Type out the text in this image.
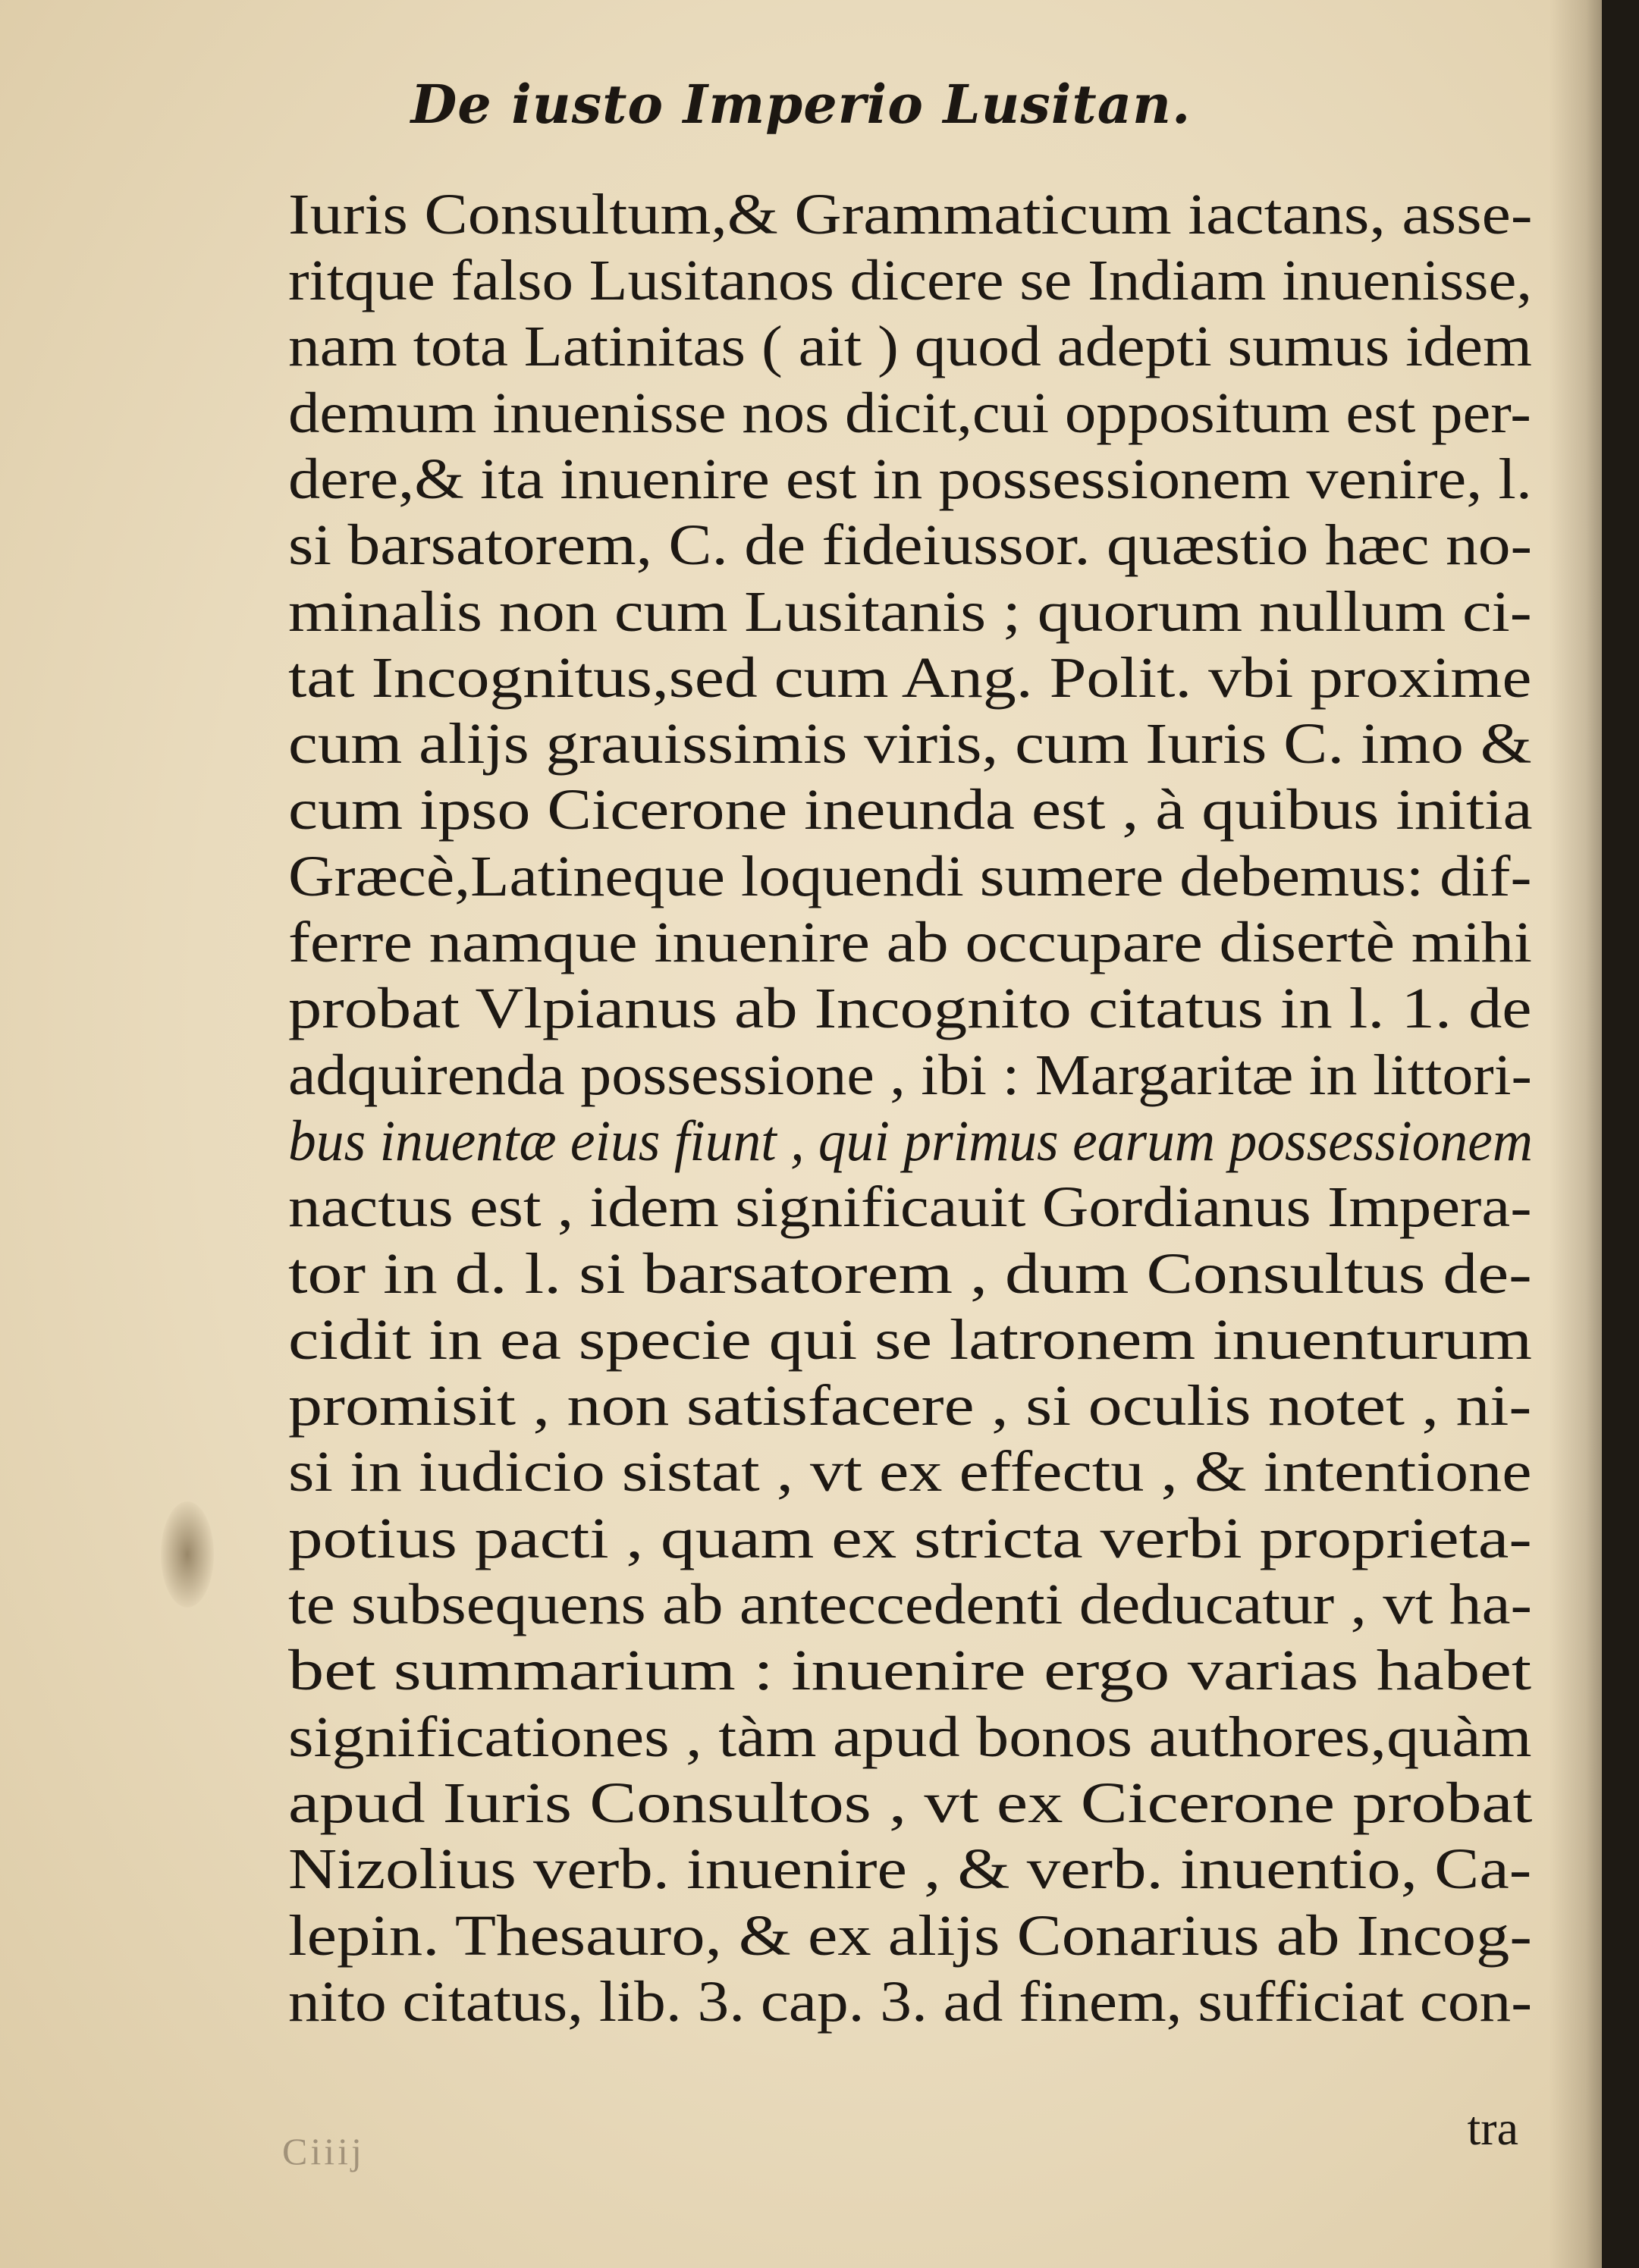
De iusto Imperio Lusitan.
Iuris Consultum,& Grammaticum iactans, asse-
ritque falso Lusitanos dicere se Indiam inuenisse,
nam tota Latinitas ( ait ) quod adepti sumus idem
demum inuenisse nos dicit,cui oppositum est per-
dere,& ita inuenire est in possessionem venire, l.
si barsatorem, C. de fideiussor. quæstio hæc no-
minalis non cum Lusitanis ; quorum nullum ci-
tat Incognitus,sed cum Ang. Polit. vbi proxime
cum alijs grauissimis viris, cum Iuris C. imo &
cum ipso Cicerone ineunda est , à quibus initia
Græcè,Latineque loquendi sumere debemus: dif-
ferre namque inuenire ab occupare disertè mihi
probat Vlpianus ab Incognito citatus in l. 1. de
adquirenda possessione , ibi : Margaritæ in littori-
bus inuentæ eius fiunt , qui primus earum possessionem
nactus est , idem significauit Gordianus Impera-
tor in d. l. si barsatorem , dum Consultus de-
cidit in ea specie qui se latronem inuenturum
promisit , non satisfacere , si oculis notet , ni-
si in iudicio sistat , vt ex effectu , & intentione
potius pacti , quam ex stricta verbi proprieta-
te subsequens ab anteccedenti deducatur , vt ha-
bet summarium : inuenire ergo varias habet
significationes , tàm apud bonos authores,quàm
apud Iuris Consultos , vt ex Cicerone probat
Nizolius verb. inuenire , & verb. inuentio, Ca-
lepin. Thesauro, & ex alijs Conarius ab Incog-
nito citatus, lib. 3. cap. 3. ad finem, sufficiat con-
tra
Ciiij
